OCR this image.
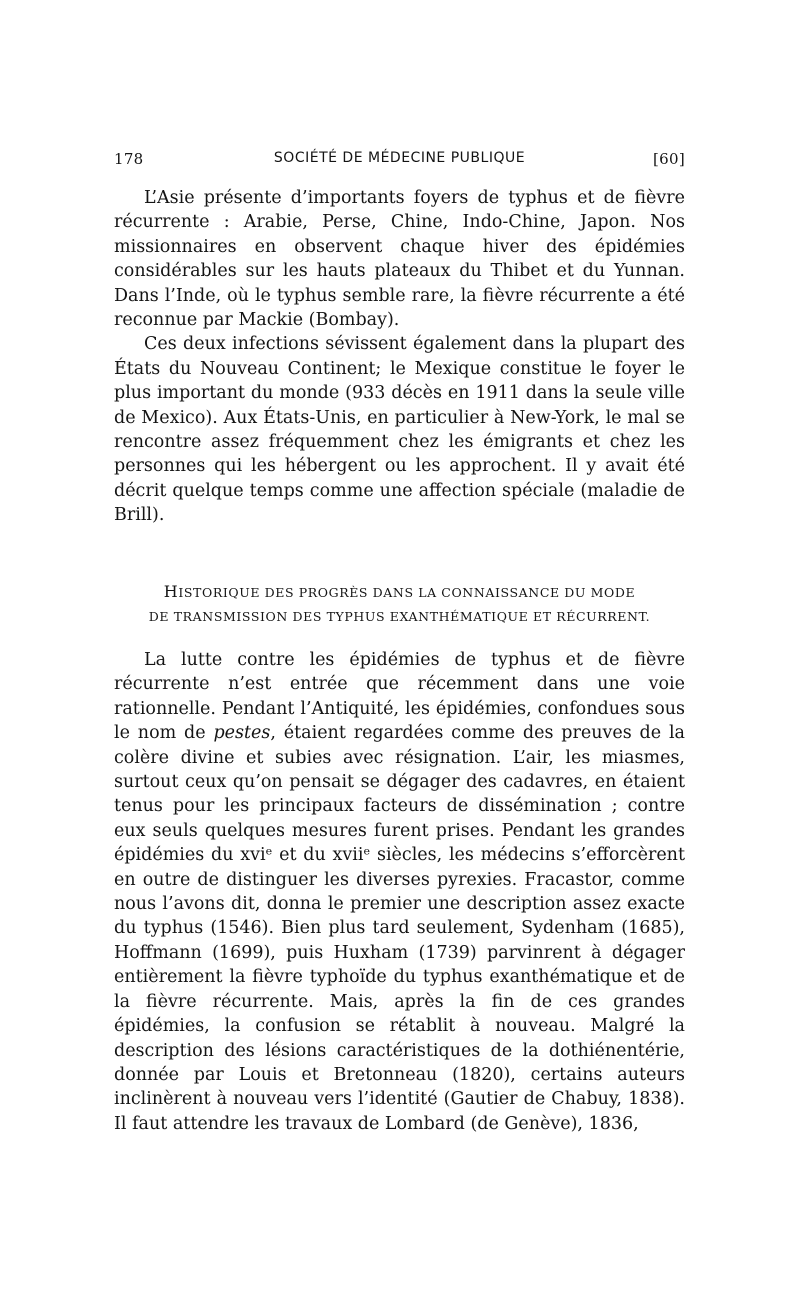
178	SOCIÉTÉ DE MÉDECINE PUBLIQUE	[60]

L’Asie présente d’importants foyers de typhus et de fièvre récurrente : Arabie, Perse, Chine, Indo-Chine, Japon. Nos missionnaires en observent chaque hiver des épidémies considérables sur les hauts plateaux du Thibet et du Yunnan. Dans l’Inde, où le typhus semble rare, la fièvre récurrente a été reconnue par Mackie (Bombay).

Ces deux infections sévissent également dans la plupart des États du Nouveau Continent; le Mexique constitue le foyer le plus important du monde (933 décès en 1911 dans la seule ville de Mexico). Aux États-Unis, en particulier à New-York, le mal se rencontre assez fréquemment chez les émigrants et chez les personnes qui les hébergent ou les approchent. Il y avait été décrit quelque temps comme une affection spéciale (maladie de Brill).

HISTORIQUE DES PROGRÈS DANS LA CONNAISSANCE DU MODE
DE TRANSMISSION DES TYPHUS EXANTHÉMATIQUE ET RÉCURRENT.

La lutte contre les épidémies de typhus et de fièvre récurrente n’est entrée que récemment dans une voie rationnelle. Pendant l’Antiquité, les épidémies, confondues sous le nom de pestes, étaient regardées comme des preuves de la colère divine et subies avec résignation. L’air, les miasmes, surtout ceux qu’on pensait se dégager des cadavres, en étaient tenus pour les principaux facteurs de dissémination ; contre eux seuls quelques mesures furent prises. Pendant les grandes épidémies du xviᵉ et du xviiᵉ siècles, les médecins s’efforcèrent en outre de distinguer les diverses pyrexies. Fracastor, comme nous l’avons dit, donna le premier une description assez exacte du typhus (1546). Bien plus tard seulement, Sydenham (1685), Hoffmann (1699), puis Huxham (1739) parvinrent à dégager entièrement la fièvre typhoïde du typhus exanthématique et de la fièvre récurrente. Mais, après la fin de ces grandes épidémies, la confusion se rétablit à nouveau. Malgré la description des lésions caractéristiques de la dothiénentérie, donnée par Louis et Bretonneau (1820), certains auteurs inclinèrent à nouveau vers l’identité (Gautier de Chabuy, 1838). Il faut attendre les travaux de Lombard (de Genève), 1836,
